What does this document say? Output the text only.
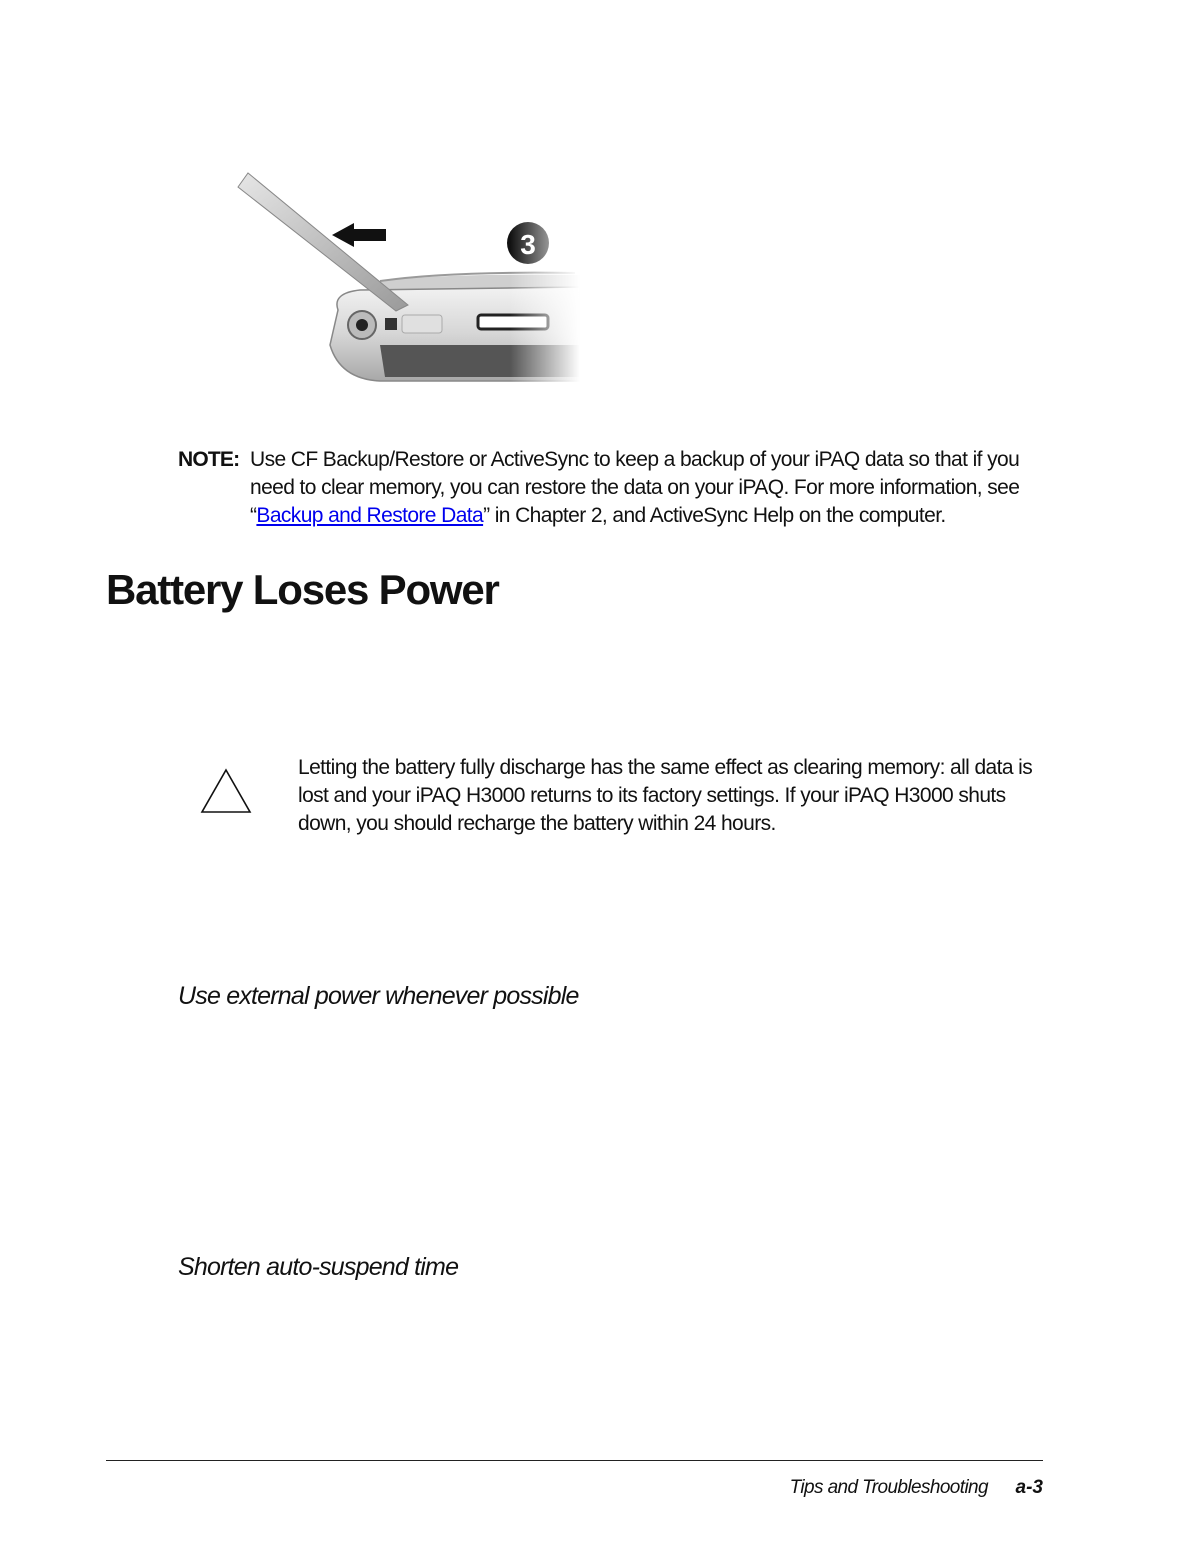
NOTE: Use CF Backup/Restore or ActiveSync to keep a backup of your iPAQ data so that if you need to clear memory, you can restore the data on your iPAQ. For more information, see “Backup and Restore Data” in Chapter 2, and ActiveSync Help on the computer.
Battery Loses Power
Letting the battery fully discharge has the same effect as clearing memory: all data is lost and your iPAQ H3000 returns to its factory settings. If your iPAQ H3000 shuts down, you should recharge the battery within 24 hours.
Use external power whenever possible
Shorten auto-suspend time
Tips and Troubleshooting a-3
